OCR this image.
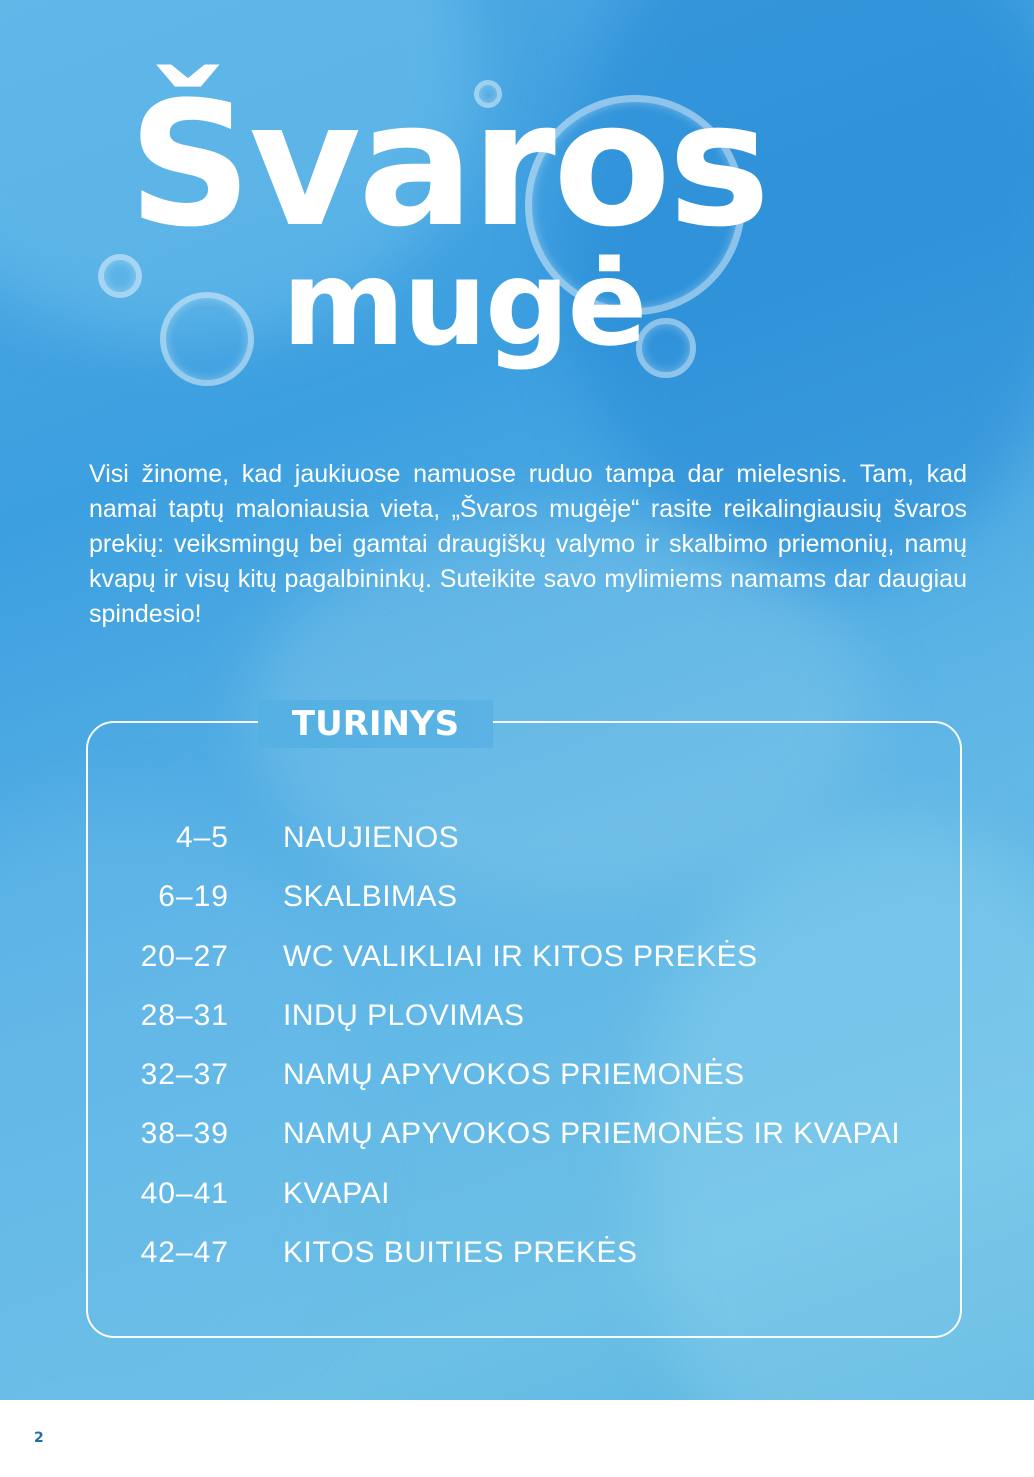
Švaros
mugė

Visi žinome, kad jaukiuose namuose ruduo tampa dar mielesnis. Tam, kad namai taptų maloniausia vieta, „Švaros mugėje“ rasite reikalingiausių švaros prekių: veiksmingų bei gamtai draugiškų valymo ir skalbimo priemonių, namų kvapų ir visų kitų pagalbininkų. Suteikite savo mylimiems namams dar daugiau spindesio!

TURINYS
4–5 NAUJIENOS
6–19 SKALBIMAS
20–27 WC VALIKLIAI IR KITOS PREKĖS
28–31 INDŲ PLOVIMAS
32–37 NAMŲ APYVOKOS PRIEMONĖS
38–39 NAMŲ APYVOKOS PRIEMONĖS IR KVAPAI
40–41 KVAPAI
42–47 KITOS BUITIES PREKĖS
2
